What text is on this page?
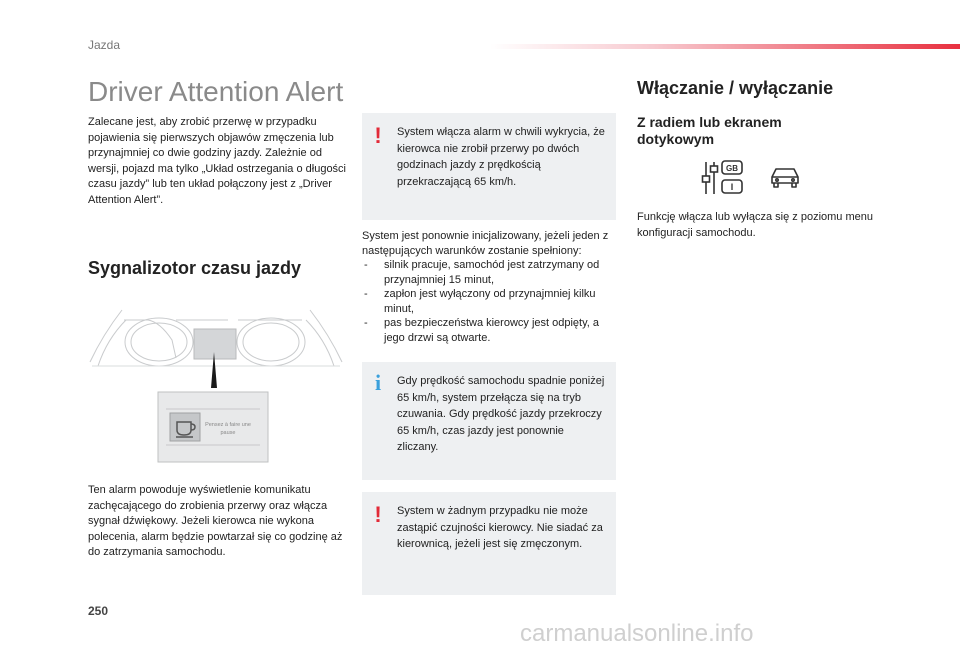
Jazda
Driver Attention Alert
Zalecane jest, aby zrobić przerwę w przypadku pojawienia się pierwszych objawów zmęczenia lub przynajmniej co dwie godziny jazdy. Zależnie od wersji, pojazd ma tylko „Układ ostrzegania o długości czasu jazdy” lub ten układ połączony jest z „Driver Attention Alert”.
Sygnalizotor czasu jazdy
Pensez à faire une
pause
Ten alarm powoduje wyświetlenie komunikatu zachęcającego do zrobienia przerwy oraz włącza sygnał dźwiękowy. Jeżeli kierowca nie wykona polecenia, alarm będzie powtarzał się co godzinę aż do zatrzymania samochodu.
! System włącza alarm w chwili wykrycia, że kierowca nie zrobił przerwy po dwóch godzinach jazdy z prędkością przekraczającą 65 km/h.
System jest ponownie inicjalizowany, jeżeli jeden z następujących warunków zostanie spełniony:
- silnik pracuje, samochód jest zatrzymany od przynajmniej 15 minut,
- zapłon jest wyłączony od przynajmniej kilku minut,
- pas bezpieczeństwa kierowcy jest odpięty, a jego drzwi są otwarte.
i Gdy prędkość samochodu spadnie poniżej 65 km/h, system przełącza się na tryb czuwania. Gdy prędkość jazdy przekroczy 65 km/h, czas jazdy jest ponownie zliczany.
! System w żadnym przypadku nie może zastąpić czujności kierowcy. Nie siadać za kierownicą, jeżeli jest się zmęczonym.
Włączanie / wyłączanie
Z radiem lub ekranem dotykowym
GB
I
Funkcję włącza lub wyłącza się z poziomu menu konfiguracji samochodu.
250
carmanualsonline.info
